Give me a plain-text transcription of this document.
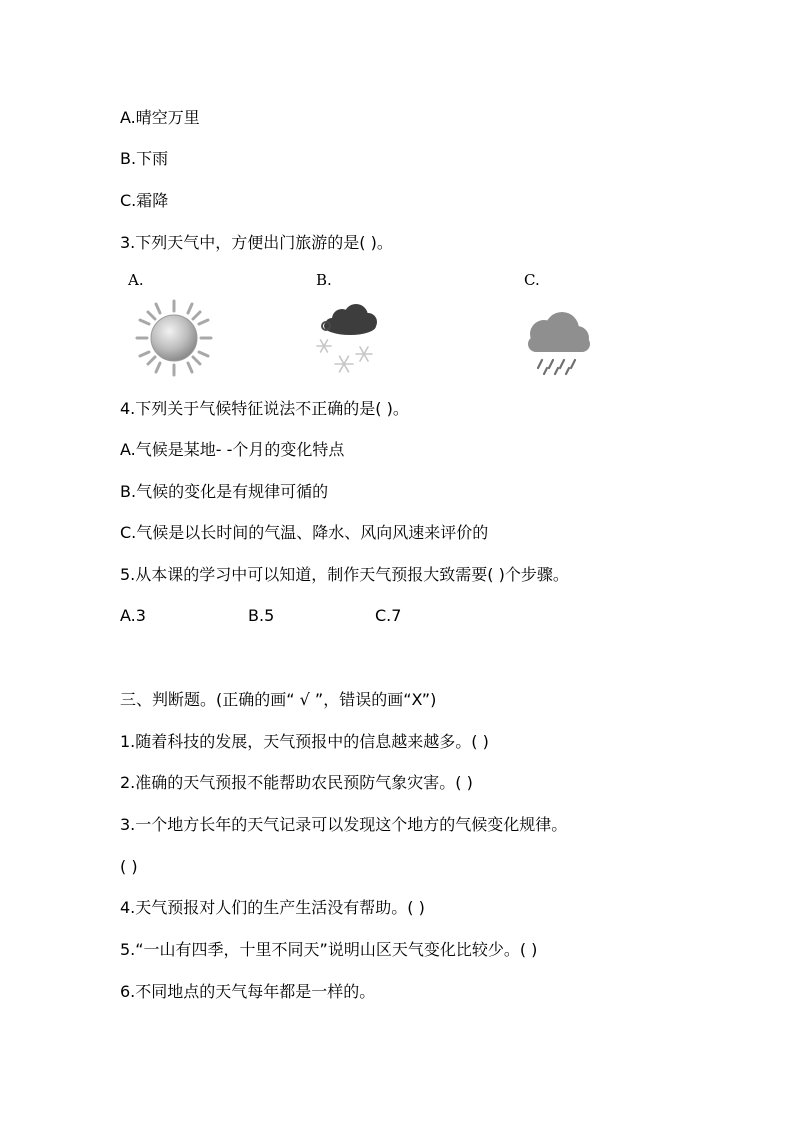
A.晴空万里
B.下雨
C.霜降
3.下列天气中，方便出门旅游的是( )。
A.	B.	C.
4.下列关于气候特征说法不正确的是( )。
A.气候是某地- -个月的变化特点
B.气候的变化是有规律可循的
C.气候是以长时间的气温、降水、风向风速来评价的
5.从本课的学习中可以知道，制作天气预报大致需要( )个步骤。
A.3	B.5	C.7
三、判断题。(正确的画“ √ ”，错误的画“X”)
1.随着科技的发展，天气预报中的信息越来越多。( )
2.准确的天气预报不能帮助农民预防气象灾害。( )
3.一个地方长年的天气记录可以发现这个地方的气候变化规律。
( )
4.天气预报对人们的生产生活没有帮助。( )
5.“一山有四季，十里不同天”说明山区天气变化比较少。( )
6.不同地点的天气每年都是一样的。
